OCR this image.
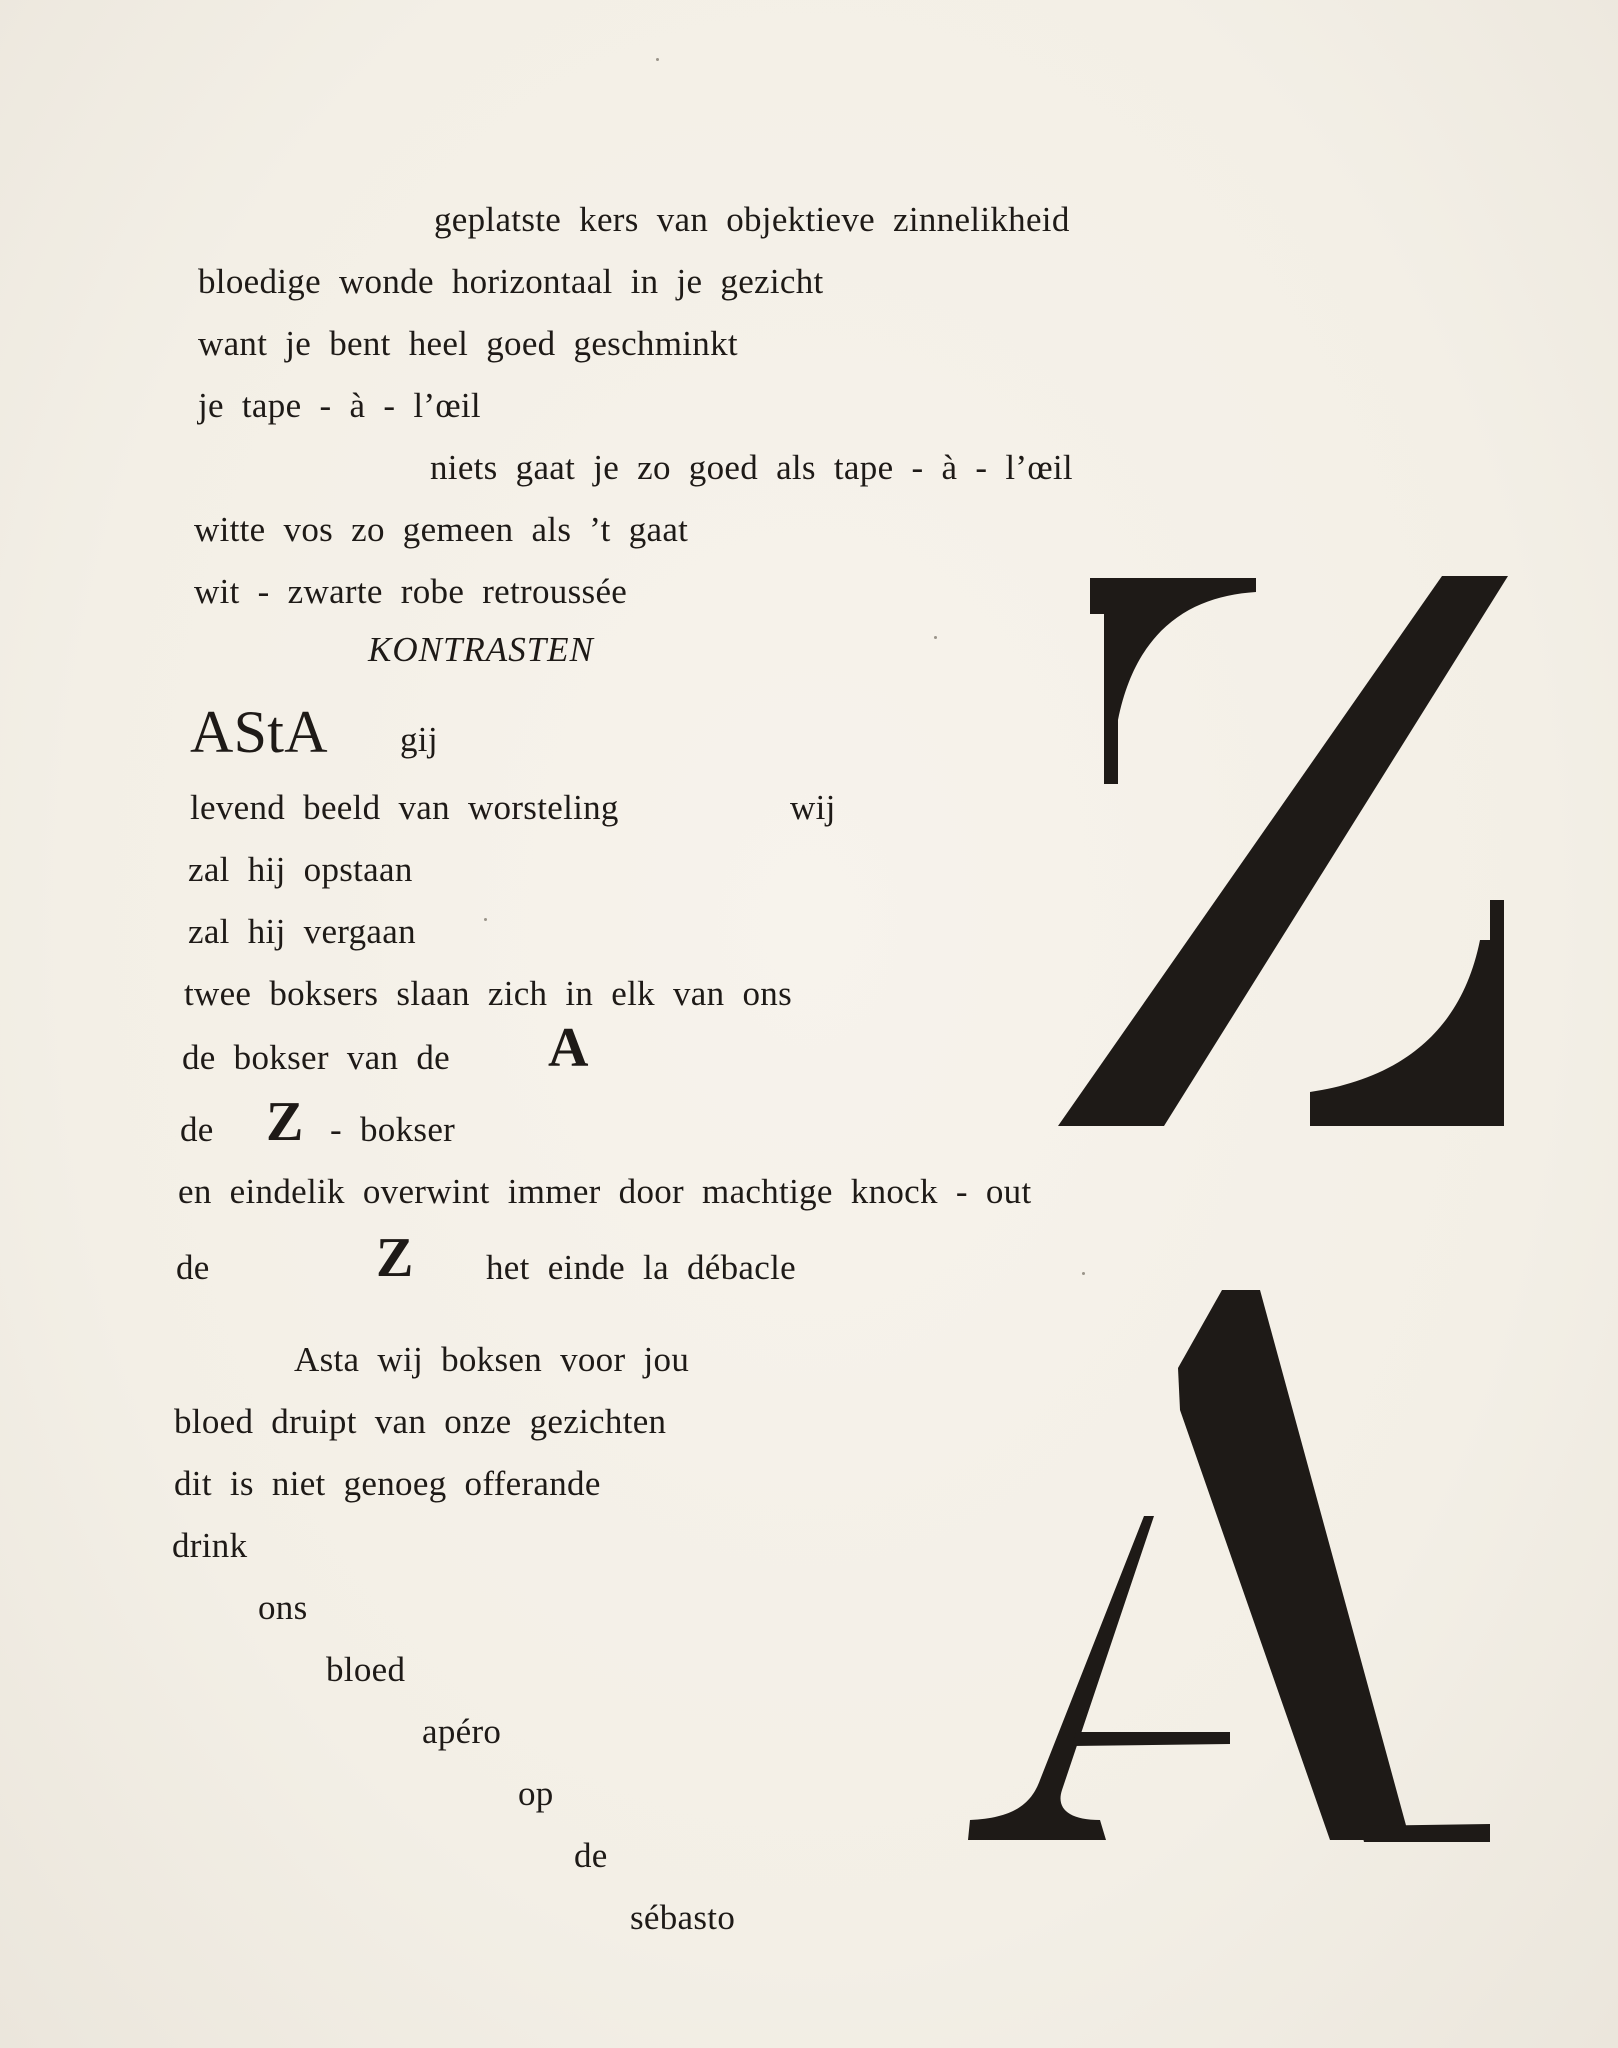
geplatste kers van objektieve zinnelikheid
bloedige wonde horizontaal in je gezicht
want je bent heel goed geschminkt
je tape - à - l’œil
niets gaat je zo goed als tape - à - l’œil
witte vos zo gemeen als ’t gaat
wit - zwarte robe retroussée
KONTRASTEN
AStA gij
levend beeld van worsteling	wij
zal hij opstaan
zal hij vergaan
twee boksers slaan zich in elk van ons
de bokser van de A
de Z - bokser
en eindelik overwint immer door machtige knock - out
de	Z het einde la débacle
Asta wij boksen voor jou
bloed druipt van onze gezichten
dit is niet genoeg offerande
drink
ons
bloed
apéro
op
de
sébasto
